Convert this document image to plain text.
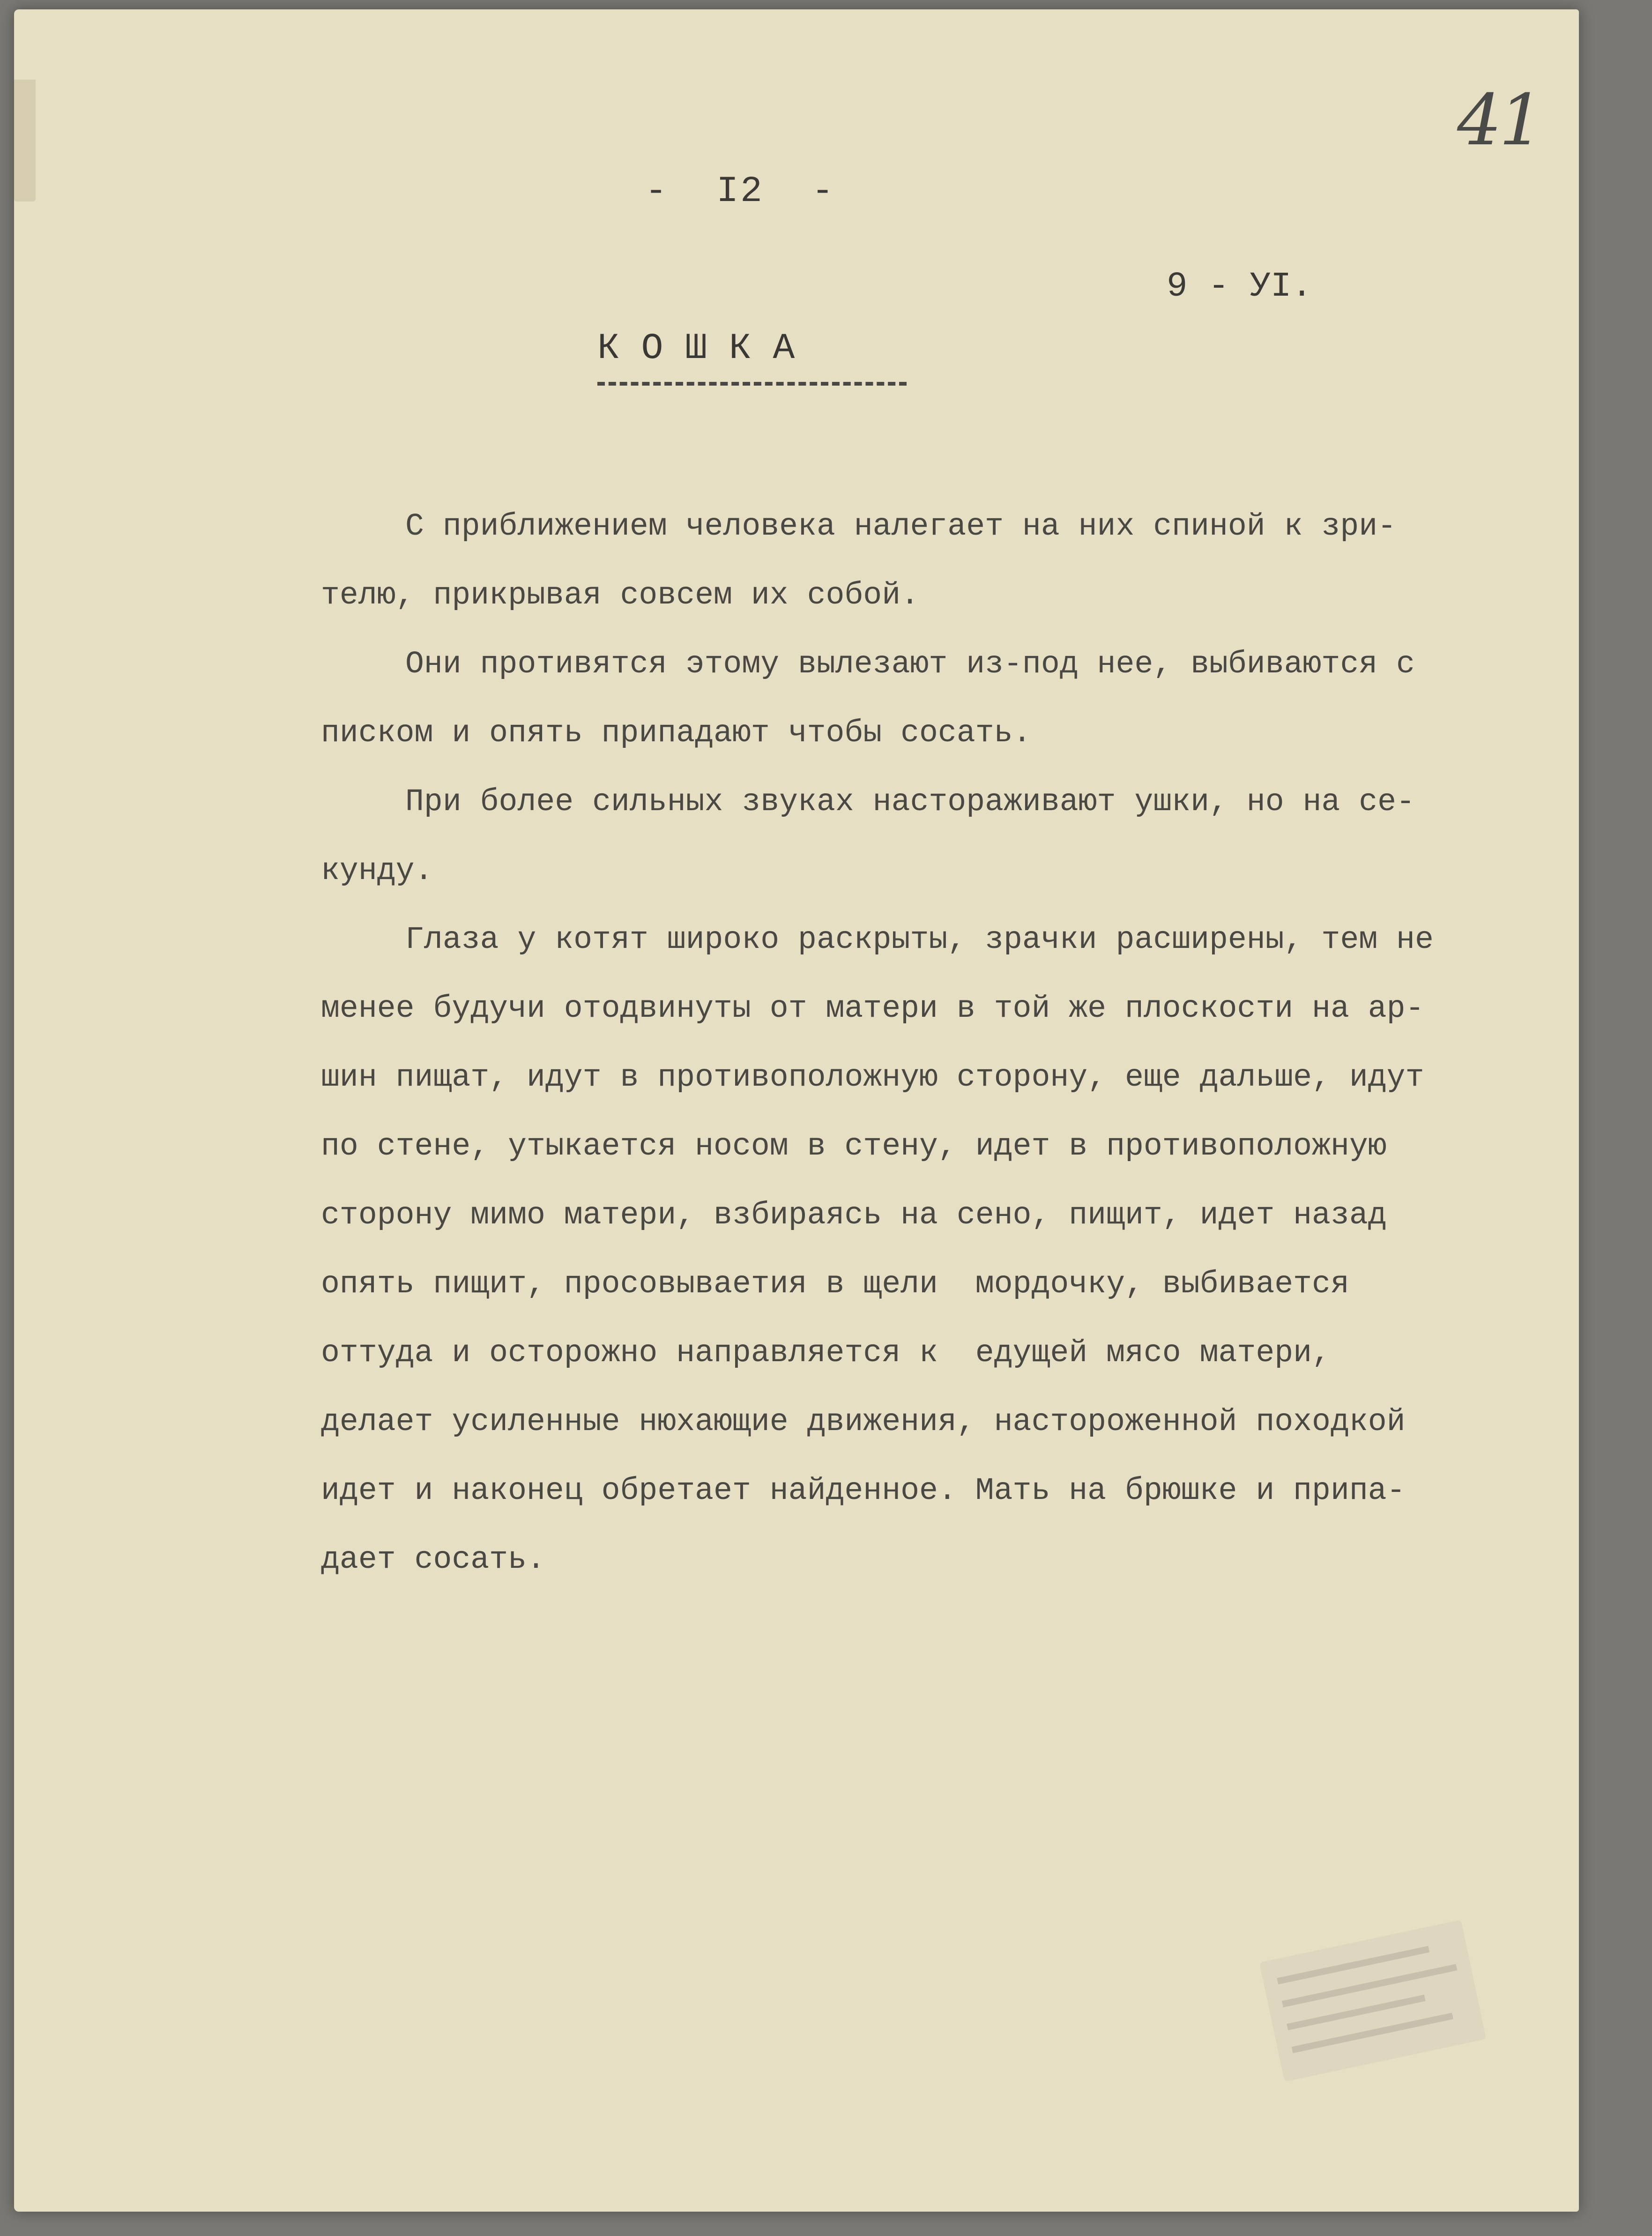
41
-  I2  -
9 - УI.
К О Ш К А
С приближением человека налегает на них спиной к зри-
телю, прикрывая совсем их собой.
Они противятся этому вылезают из-под нее, выбиваются с
писком и опять припадают чтобы сосать.
При более сильных звуках настораживают ушки, но на се-
кунду.
Глаза у котят широко раскрыты, зрачки расширены, тем не
менее будучи отодвинуты от матери в той же плоскости на ар-
шин пищат, идут в противоположную сторону, еще дальше, идут
по стене, утыкается носом в стену, идет в противоположную
сторону мимо матери, взбираясь на сено, пищит, идет назад
опять пищит, просовываетия в щели  мордочку, выбивается
оттуда и осторожно направляется к  едущей мясо матери,
делает усиленные нюхающие движения, настороженной походкой
идет и наконец обретает найденное. Мать на брюшке и припа-
дает сосать.
